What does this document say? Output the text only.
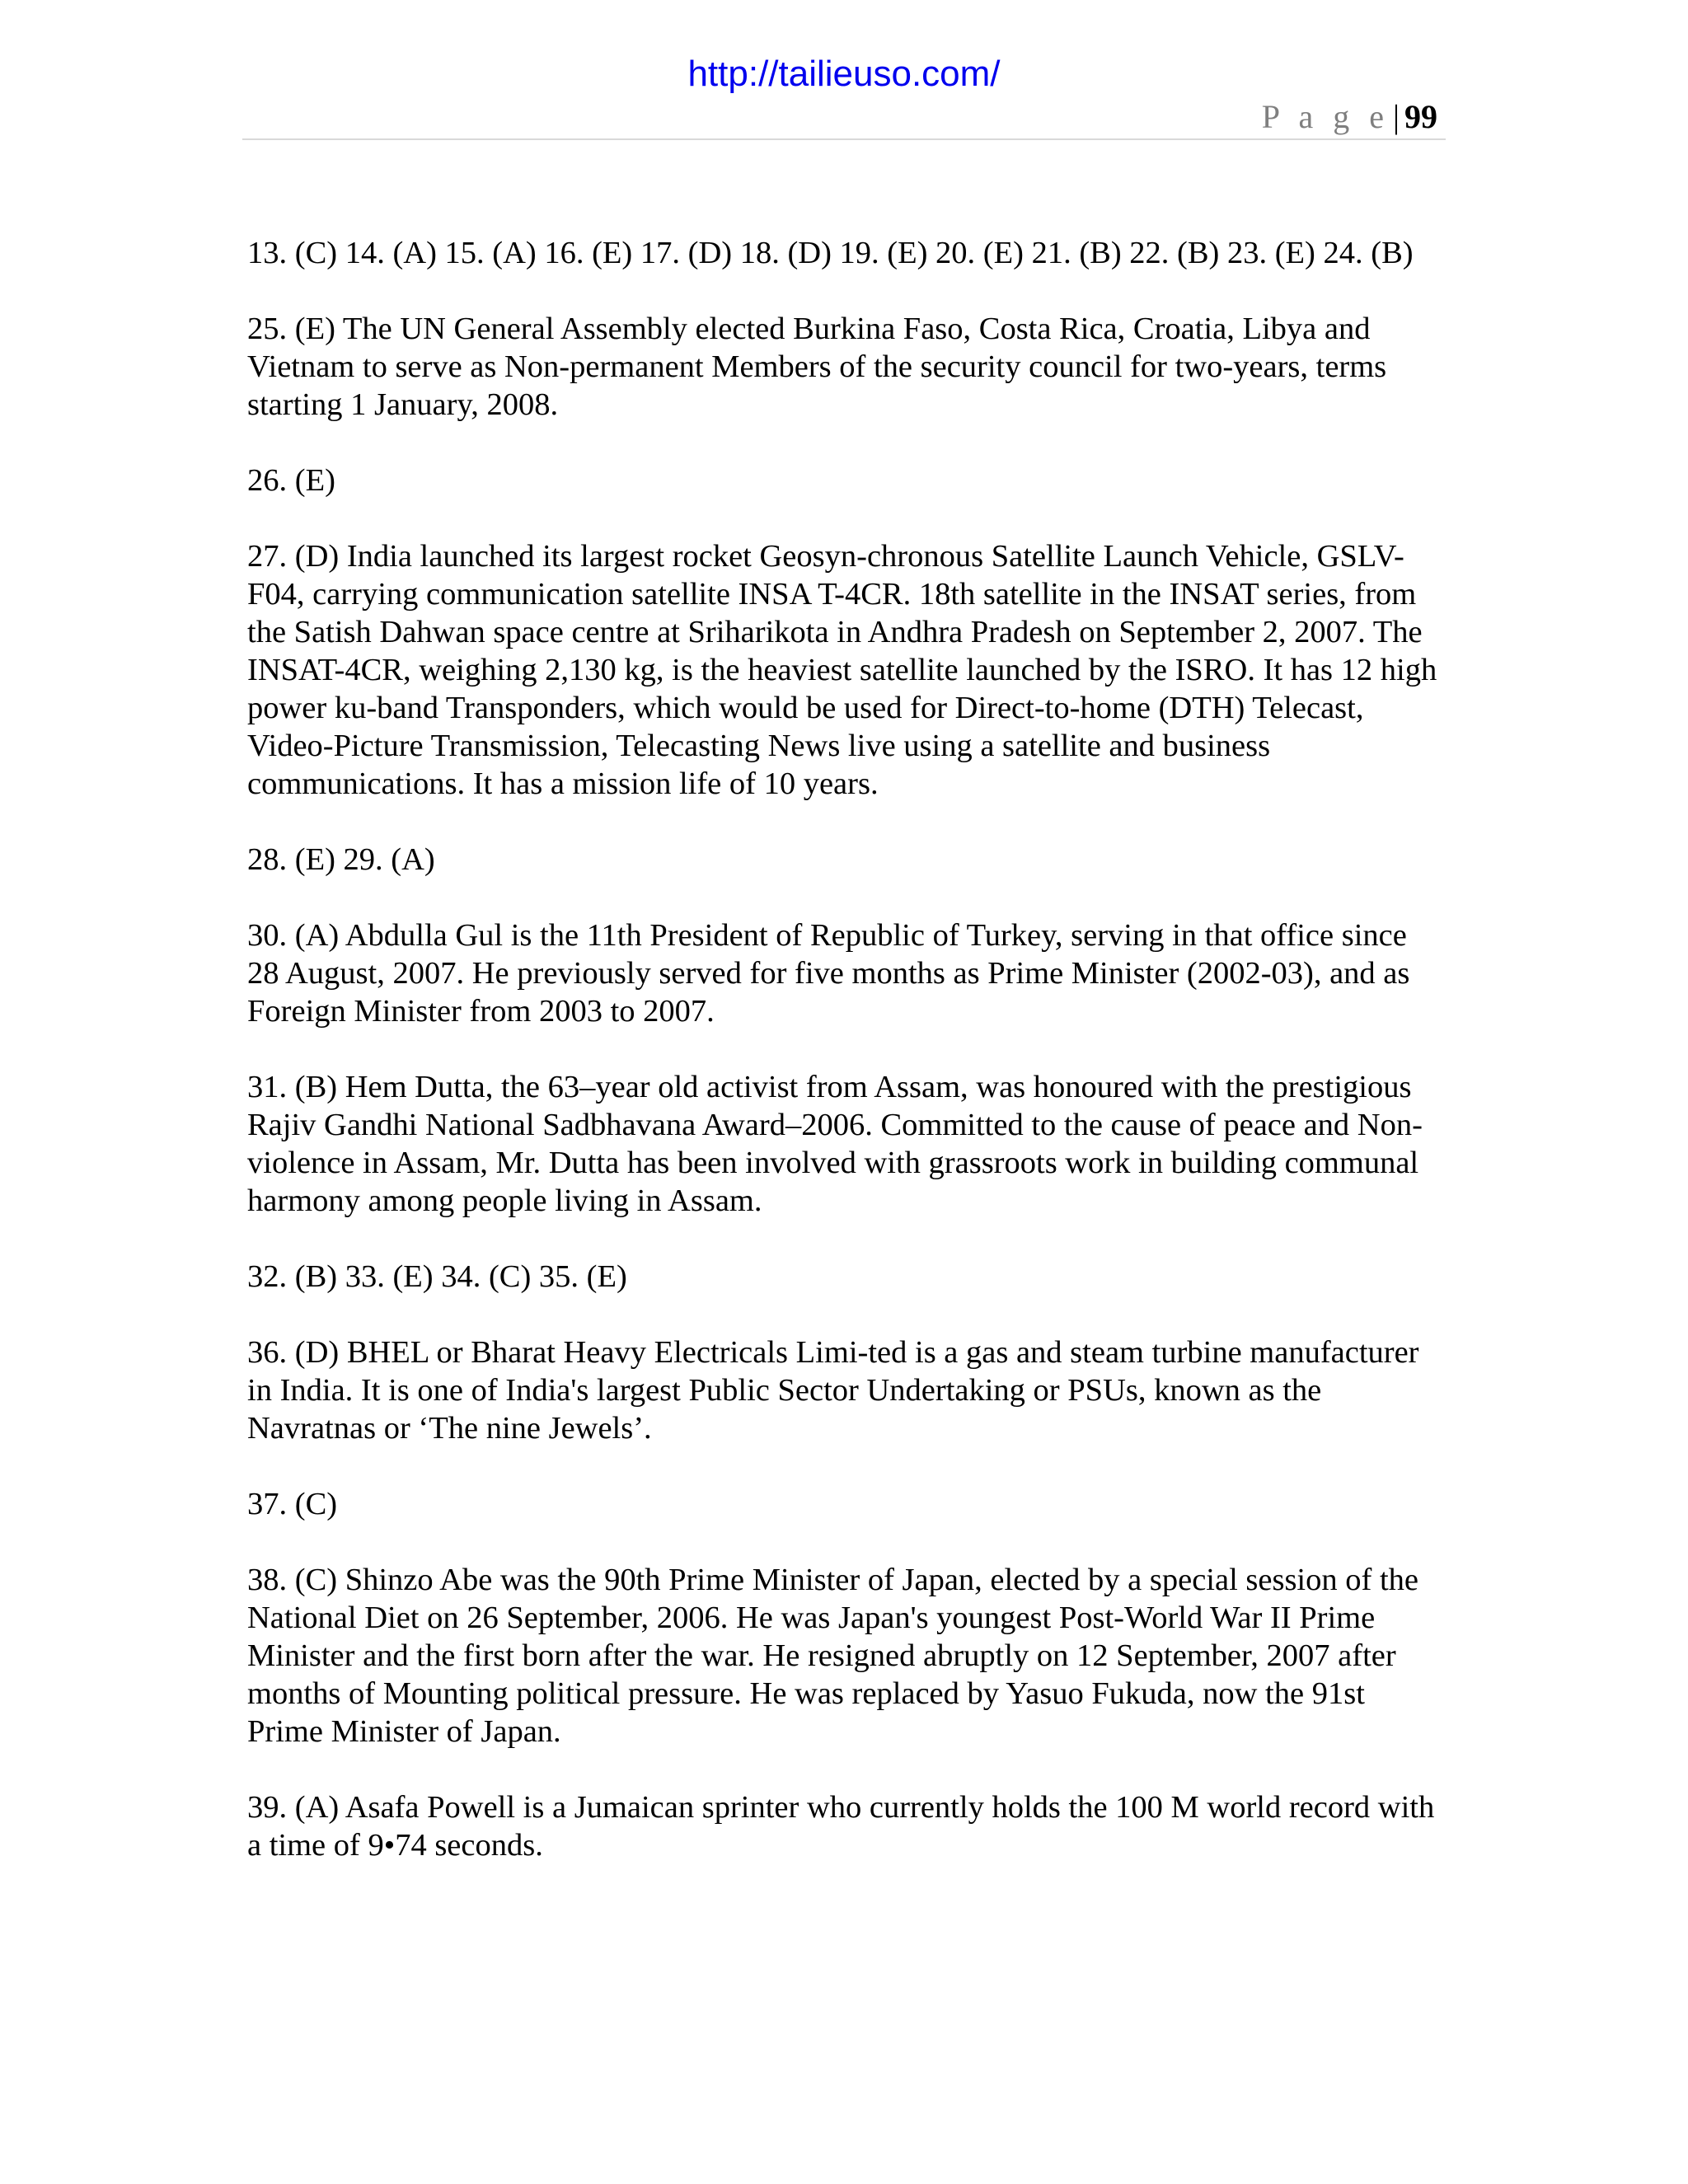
http://tailieuso.com/
P a g e | 99

13. (C) 14. (A) 15. (A) 16. (E) 17. (D) 18. (D) 19. (E) 20. (E) 21. (B) 22. (B) 23. (E) 24. (B)

25. (E) The UN General Assembly elected Burkina Faso, Costa Rica, Croatia, Libya and Vietnam to serve as Non-permanent Members of the security council for two-years, terms starting 1 January, 2008.

26. (E)

27. (D) India launched its largest rocket Geosyn-chronous Satellite Launch Vehicle, GSLV-F04, carrying communication satellite INSA T-4CR. 18th satellite in the INSAT series, from the Satish Dahwan space centre at Sriharikota in Andhra Pradesh on September 2, 2007. The INSAT-4CR, weighing 2,130 kg, is the heaviest satellite launched by the ISRO. It has 12 high power ku-band Transponders, which would be used for Direct-to-home (DTH) Telecast, Video-Picture Transmission, Telecasting News live using a satellite and business communications. It has a mission life of 10 years.

28. (E) 29. (A)

30. (A) Abdulla Gul is the 11th President of Republic of Turkey, serving in that office since 28 August, 2007. He previously served for five months as Prime Minister (2002-03), and as Foreign Minister from 2003 to 2007.

31. (B) Hem Dutta, the 63–year old activist from Assam, was honoured with the prestigious Rajiv Gandhi National Sadbhavana Award–2006. Committed to the cause of peace and Non-violence in Assam, Mr. Dutta has been involved with grassroots work in building communal harmony among people living in Assam.

32. (B) 33. (E) 34. (C) 35. (E)

36. (D) BHEL or Bharat Heavy Electricals Limi-ted is a gas and steam turbine manufacturer in India. It is one of India's largest Public Sector Undertaking or PSUs, known as the Navratnas or ‘The nine Jewels’.

37. (C)

38. (C) Shinzo Abe was the 90th Prime Minister of Japan, elected by a special session of the National Diet on 26 September, 2006. He was Japan's youngest Post-World War II Prime Minister and the first born after the war. He resigned abruptly on 12 September, 2007 after months of Mounting political pressure. He was replaced by Yasuo Fukuda, now the 91st Prime Minister of Japan.

39. (A) Asafa Powell is a Jumaican sprinter who currently holds the 100 M world record with a time of 9•74 seconds.
